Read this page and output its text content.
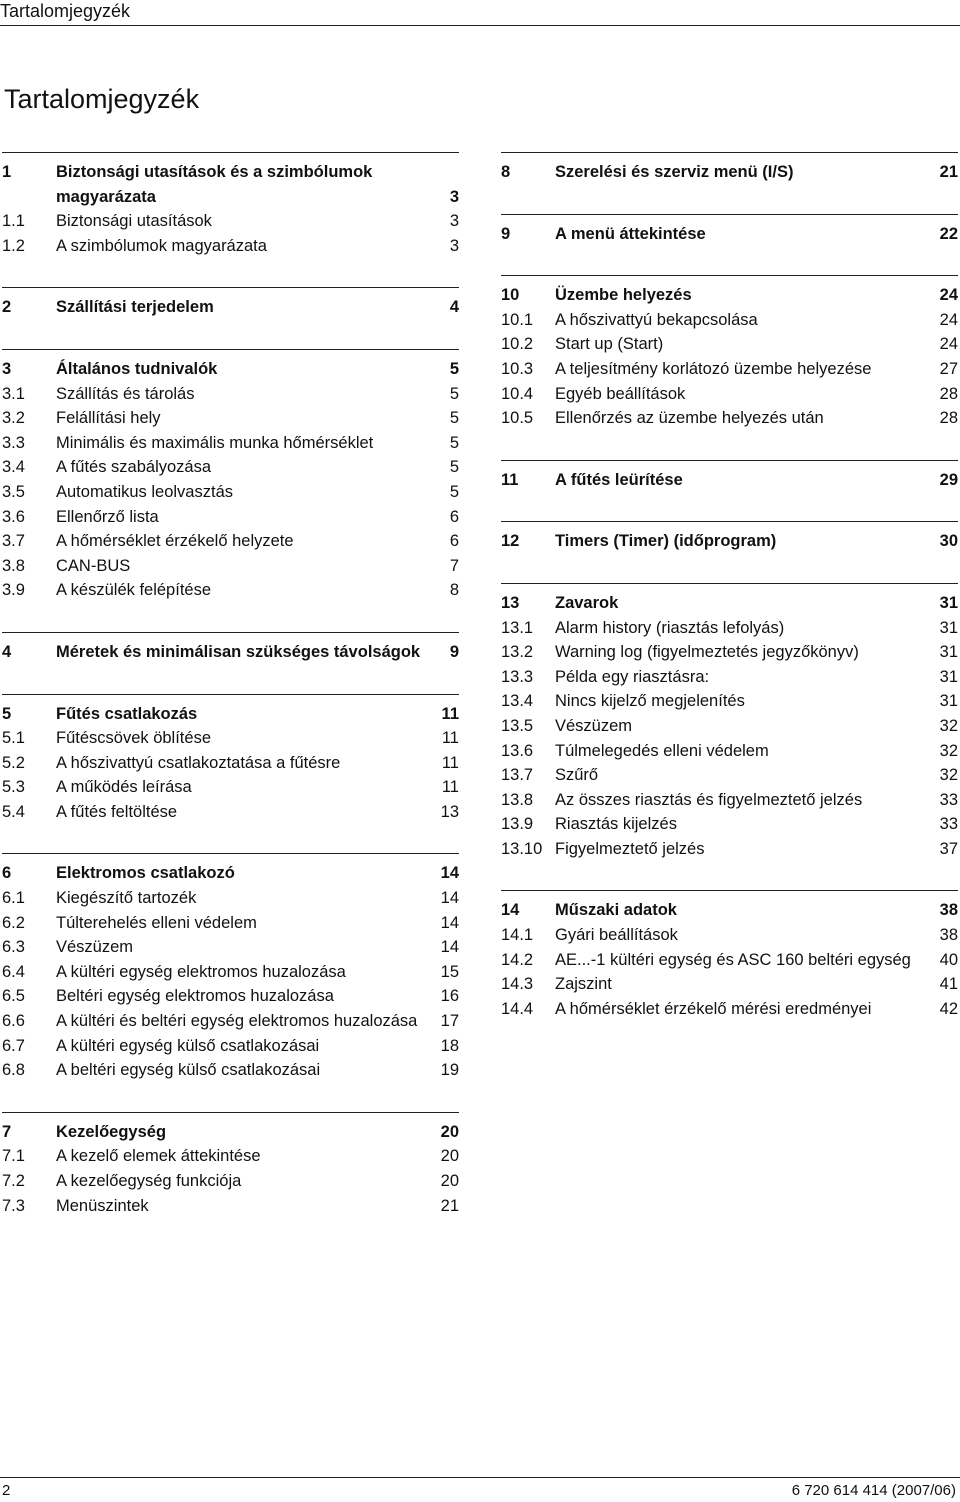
Tartalomjegyzék
Tartalomjegyzék
1	Biztonsági utasítások és a szimbólumok magyarázata	3
1.1	Biztonsági utasítások	3
1.2	A szimbólumok magyarázata	3
2	Szállítási terjedelem	4
3	Általános tudnivalók	5
3.1	Szállítás és tárolás	5
3.2	Felállítási hely	5
3.3	Minimális és maximális munka hőmérséklet	5
3.4	A fűtés szabályozása	5
3.5	Automatikus leolvasztás	5
3.6	Ellenőrző lista	6
3.7	A hőmérséklet érzékelő helyzete	6
3.8	CAN-BUS	7
3.9	A készülék felépítése	8
4	Méretek és minimálisan szükséges távolságok	9
5	Fűtés csatlakozás	11
5.1	Fűtéscsövek öblítése	11
5.2	A hőszivattyú csatlakoztatása a fűtésre	11
5.3	A működés leírása	11
5.4	A fűtés feltöltése	13
6	Elektromos csatlakozó	14
6.1	Kiegészítő tartozék	14
6.2	Túlterehelés elleni védelem	14
6.3	Vészüzem	14
6.4	A kültéri egység elektromos huzalozása	15
6.5	Beltéri egység elektromos huzalozása	16
6.6	A kültéri és beltéri egység elektromos huzalozása	17
6.7	A kültéri egység külső csatlakozásai	18
6.8	A beltéri egység külső csatlakozásai	19
7	Kezelőegység	20
7.1	A kezelő elemek áttekintése	20
7.2	A kezelőegység funkciója	20
7.3	Menüszintek	21
8	Szerelési és szerviz menü (I/S)	21
9	A menü áttekintése	22
10	Üzembe helyezés	24
10.1	A hőszivattyú bekapcsolása	24
10.2	Start up (Start)	24
10.3	A teljesítmény korlátozó üzembe helyezése	27
10.4	Egyéb beállítások	28
10.5	Ellenőrzés az üzembe helyezés után	28
11	A fűtés leürítése	29
12	Timers (Timer) (időprogram)	30
13	Zavarok	31
13.1	Alarm history (riasztás lefolyás)	31
13.2	Warning log (figyelmeztetés jegyzőkönyv)	31
13.3	Példa egy riasztásra:	31
13.4	Nincs kijelző megjelenítés	31
13.5	Vészüzem	32
13.6	Túlmelegedés elleni védelem	32
13.7	Szűrő	32
13.8	Az összes riasztás és figyelmeztető jelzés	33
13.9	Riasztás kijelzés	33
13.10 Figyelmeztető jelzés	37
14	Műszaki adatok	38
14.1	Gyári beállítások	38
14.2	AE...-1 kültéri egység és ASC 160 beltéri egység	40
14.3	Zajszint	41
14.4	A hőmérséklet érzékelő mérési eredményei	42
2	6 720 614 414 (2007/06)
